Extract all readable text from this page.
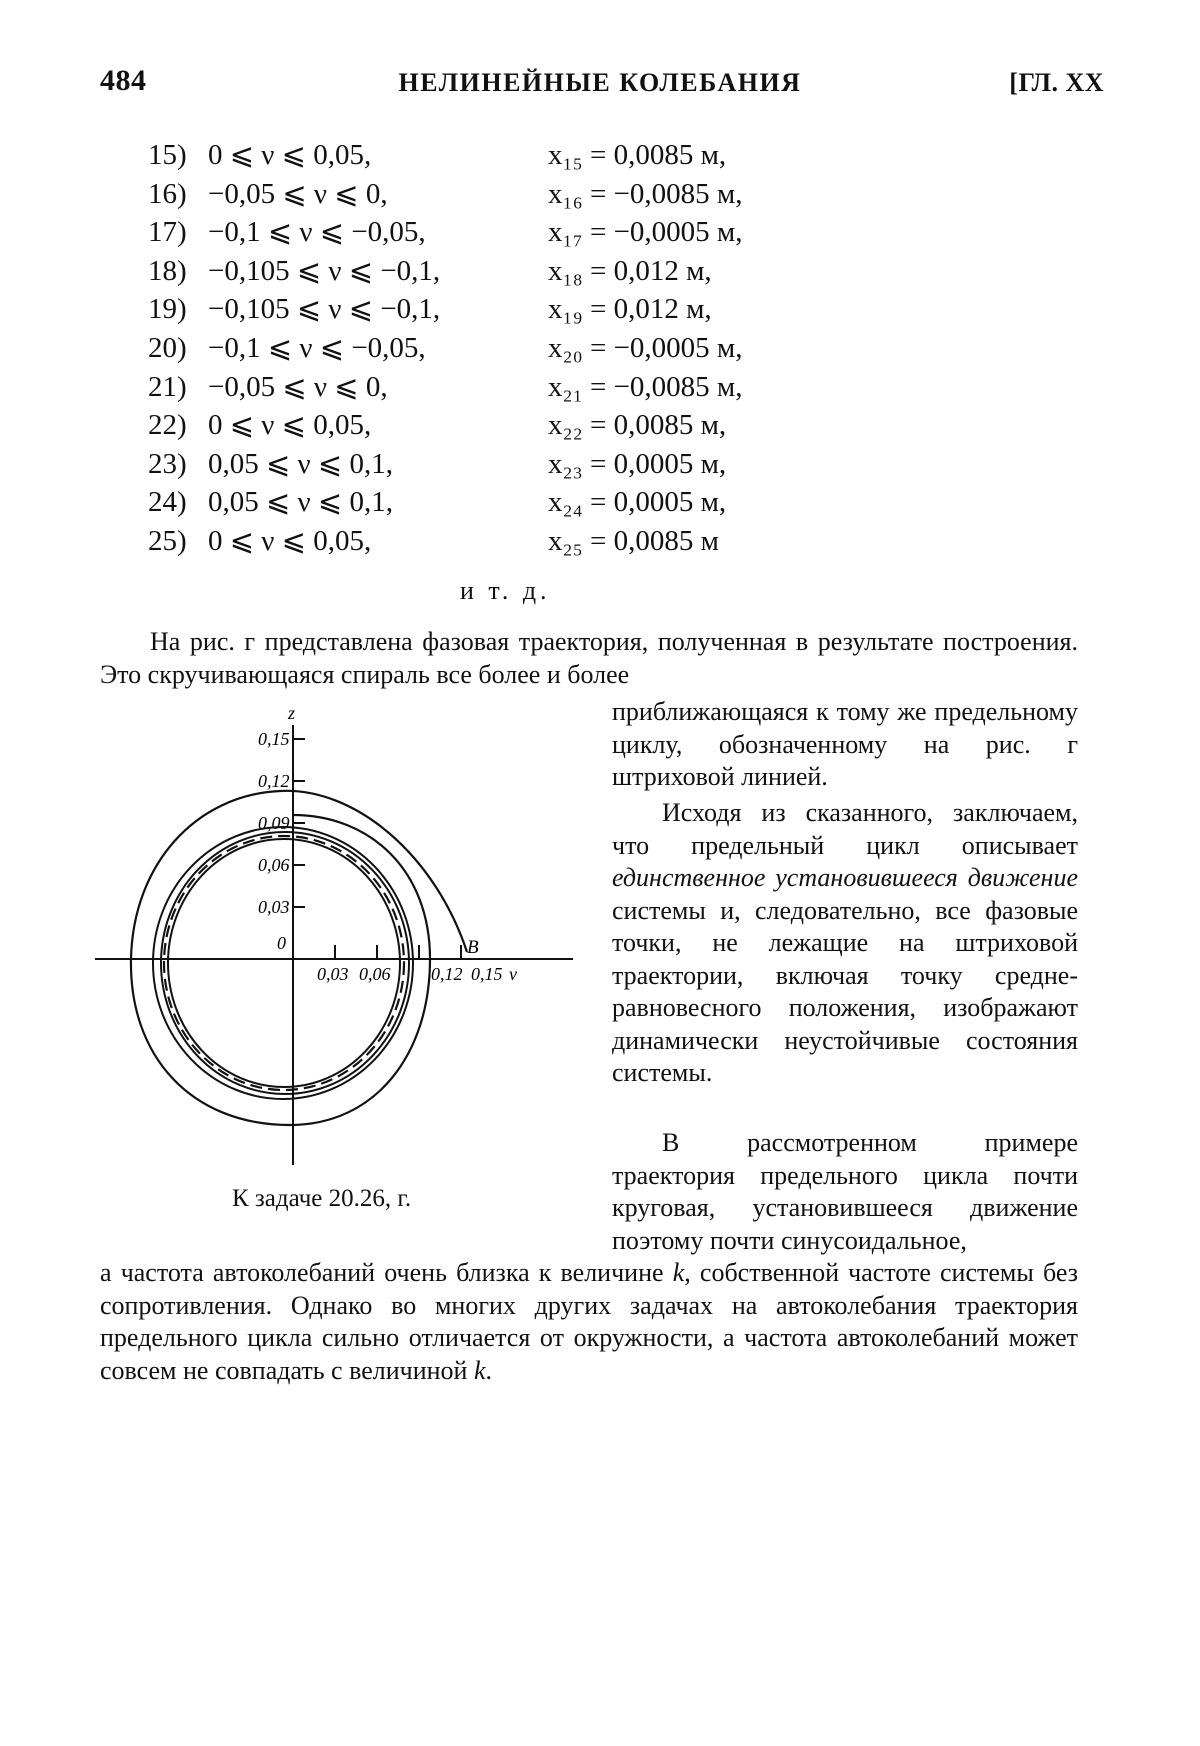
484	НЕЛИНЕЙНЫЕ КОЛЕБАНИЯ	[ГЛ. XX
15) 0 ⩽ ν ⩽ 0,05,	x₁₅ = 0,0085 м,
16) −0,05 ⩽ ν ⩽ 0,	x₁₆ = −0,0085 м,
17) −0,1 ⩽ ν ⩽ −0,05,	x₁₇ = −0,0005 м,
18) −0,105 ⩽ ν ⩽ −0,1,	x₁₈ = 0,012 м,
19) −0,105 ⩽ ν ⩽ −0,1,	x₁₉ = 0,012 м,
20) −0,1 ⩽ ν ⩽ −0,05,	x₂₀ = −0,0005 м,
21) −0,05 ⩽ ν ⩽ 0,	x₂₁ = −0,0085 м,
22) 0 ⩽ ν ⩽ 0,05,	x₂₂ = 0,0085 м,
23) 0,05 ⩽ ν ⩽ 0,1,	x₂₃ = 0,0005 м,
24) 0,05 ⩽ ν ⩽ 0,1,	x₂₄ = 0,0005 м,
25) 0 ⩽ ν ⩽ 0,05,	x₂₅ = 0,0085 м
и т. д.
На рис. г представлена фазовая траектория, полученная в результате построения. Это скручивающаяся спираль все более и более
приближающаяся к тому же предельному циклу, обозначенному на рис. г штриховой линией.
Исходя из сказанного, заключаем, что предельный цикл описывает единственное установившееся движение системы и, следовательно, все фазовые точки, не лежащие на штриховой траектории, включая точку средне-равновесного положения, изображают динамически неустойчивые состояния системы.
В рассмотренном примере траектория предельного цикла почти круговая, установившееся движение поэтому почти синусоидальное,
а частота автоколебаний очень близка к величине k, собственной частоте системы без сопротивления. Однако во многих других задачах на автоколебания траектория предельного цикла сильно отличается от окружности, а частота автоколебаний может совсем не совпадать с величиной k.
0,15
0,12
0,09
0,06
0,03
0
z
0,03 0,06 0,12 0,15 ν
B
К задаче 20.26, г.
